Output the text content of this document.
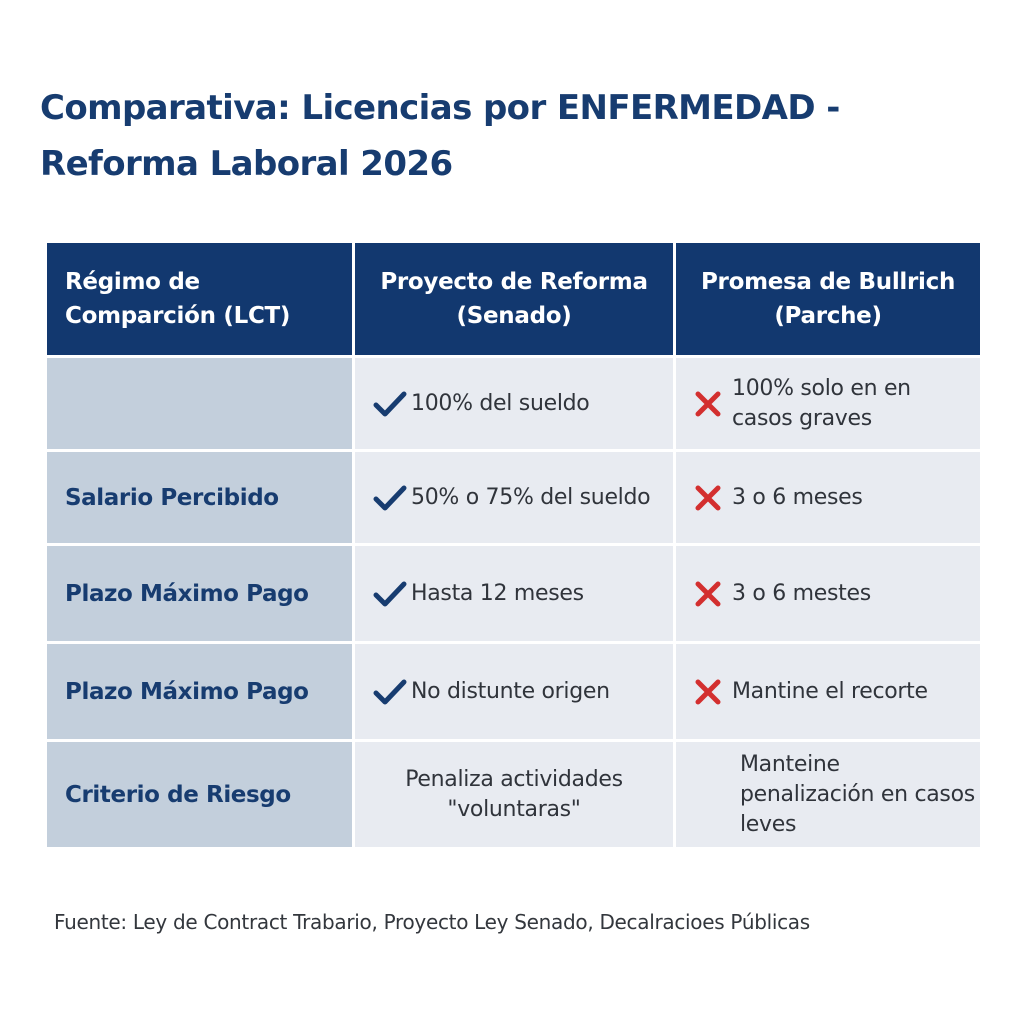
Comparativa: Licencias por ENFERMEDAD - Reforma Laboral 2026
Régimo de Comparción (LCT)	Proyecto de Reforma (Senado)	Promesa de Bullrich (Parche)

	100% del sueldo	100% solo en en casos graves

Salario Percibido	50% o 75% del sueldo	3 o 6 meses

Plazo Máximo Pago	Hasta 12 meses	3 o 6 mestes

Plazo Máximo Pago	No distunte origen	Mantine el recorte

Criterio de Riesgo	Penaliza actividades "voluntaras"	Manteine penalización en casos leves
Fuente: Ley de Contract Trabario, Proyecto Ley Senado, Decalracioes Públicas
